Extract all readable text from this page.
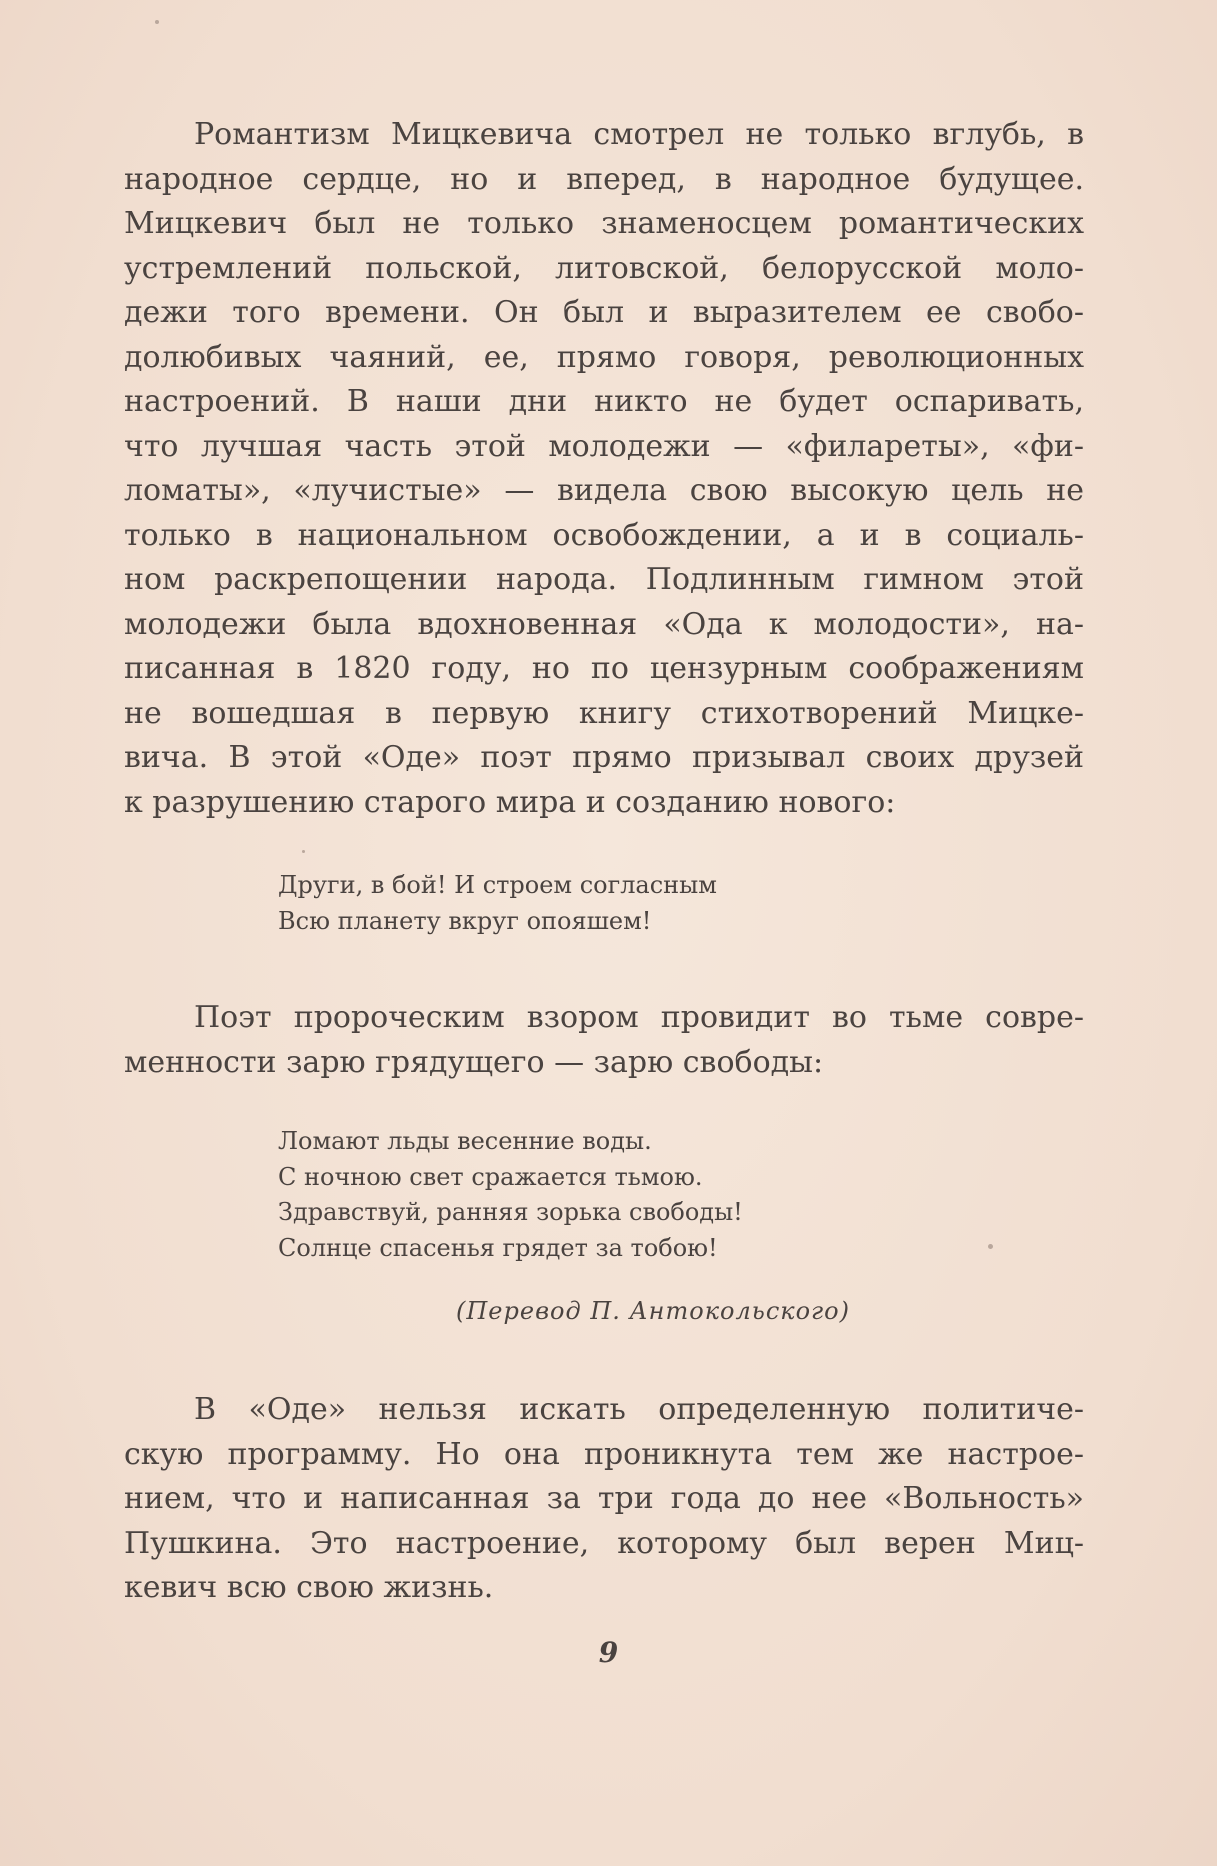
Романтизм Мицкевича смотрел не только вглубь, в
народное сердце, но и вперед, в народное будущее.
Мицкевич был не только знаменосцем романтических
устремлений польской, литовской, белорусской моло-
дежи того времени. Он был и выразителем ее свобо-
долюбивых чаяний, ее, прямо говоря, революционных
настроений. В наши дни никто не будет оспаривать,
что лучшая часть этой молодежи — «филареты», «фи-
ломаты», «лучистые» — видела свою высокую цель не
только в национальном освобождении, а и в социаль-
ном раскрепощении народа. Подлинным гимном этой
молодежи была вдохновенная «Ода к молодости», на-
писанная в 1820 году, но по цензурным соображениям
не вошедшая в первую книгу стихотворений Мицке-
вича. В этой «Оде» поэт прямо призывал своих друзей
к разрушению старого мира и созданию нового:
Други, в бой! И строем согласным
Всю планету вкруг опояшем!
Поэт пророческим взором провидит во тьме совре-
менности зарю грядущего — зарю свободы:
Ломают льды весенние воды.
С ночною свет сражается тьмою.
Здравствуй, ранняя зорька свободы!
Солнце спасенья грядет за тобою!
(Перевод П. Антокольского)
В «Оде» нельзя искать определенную политиче-
скую программу. Но она проникнута тем же настрое-
нием, что и написанная за три года до нее «Вольность»
Пушкина. Это настроение, которому был верен Миц-
кевич всю свою жизнь.
9
